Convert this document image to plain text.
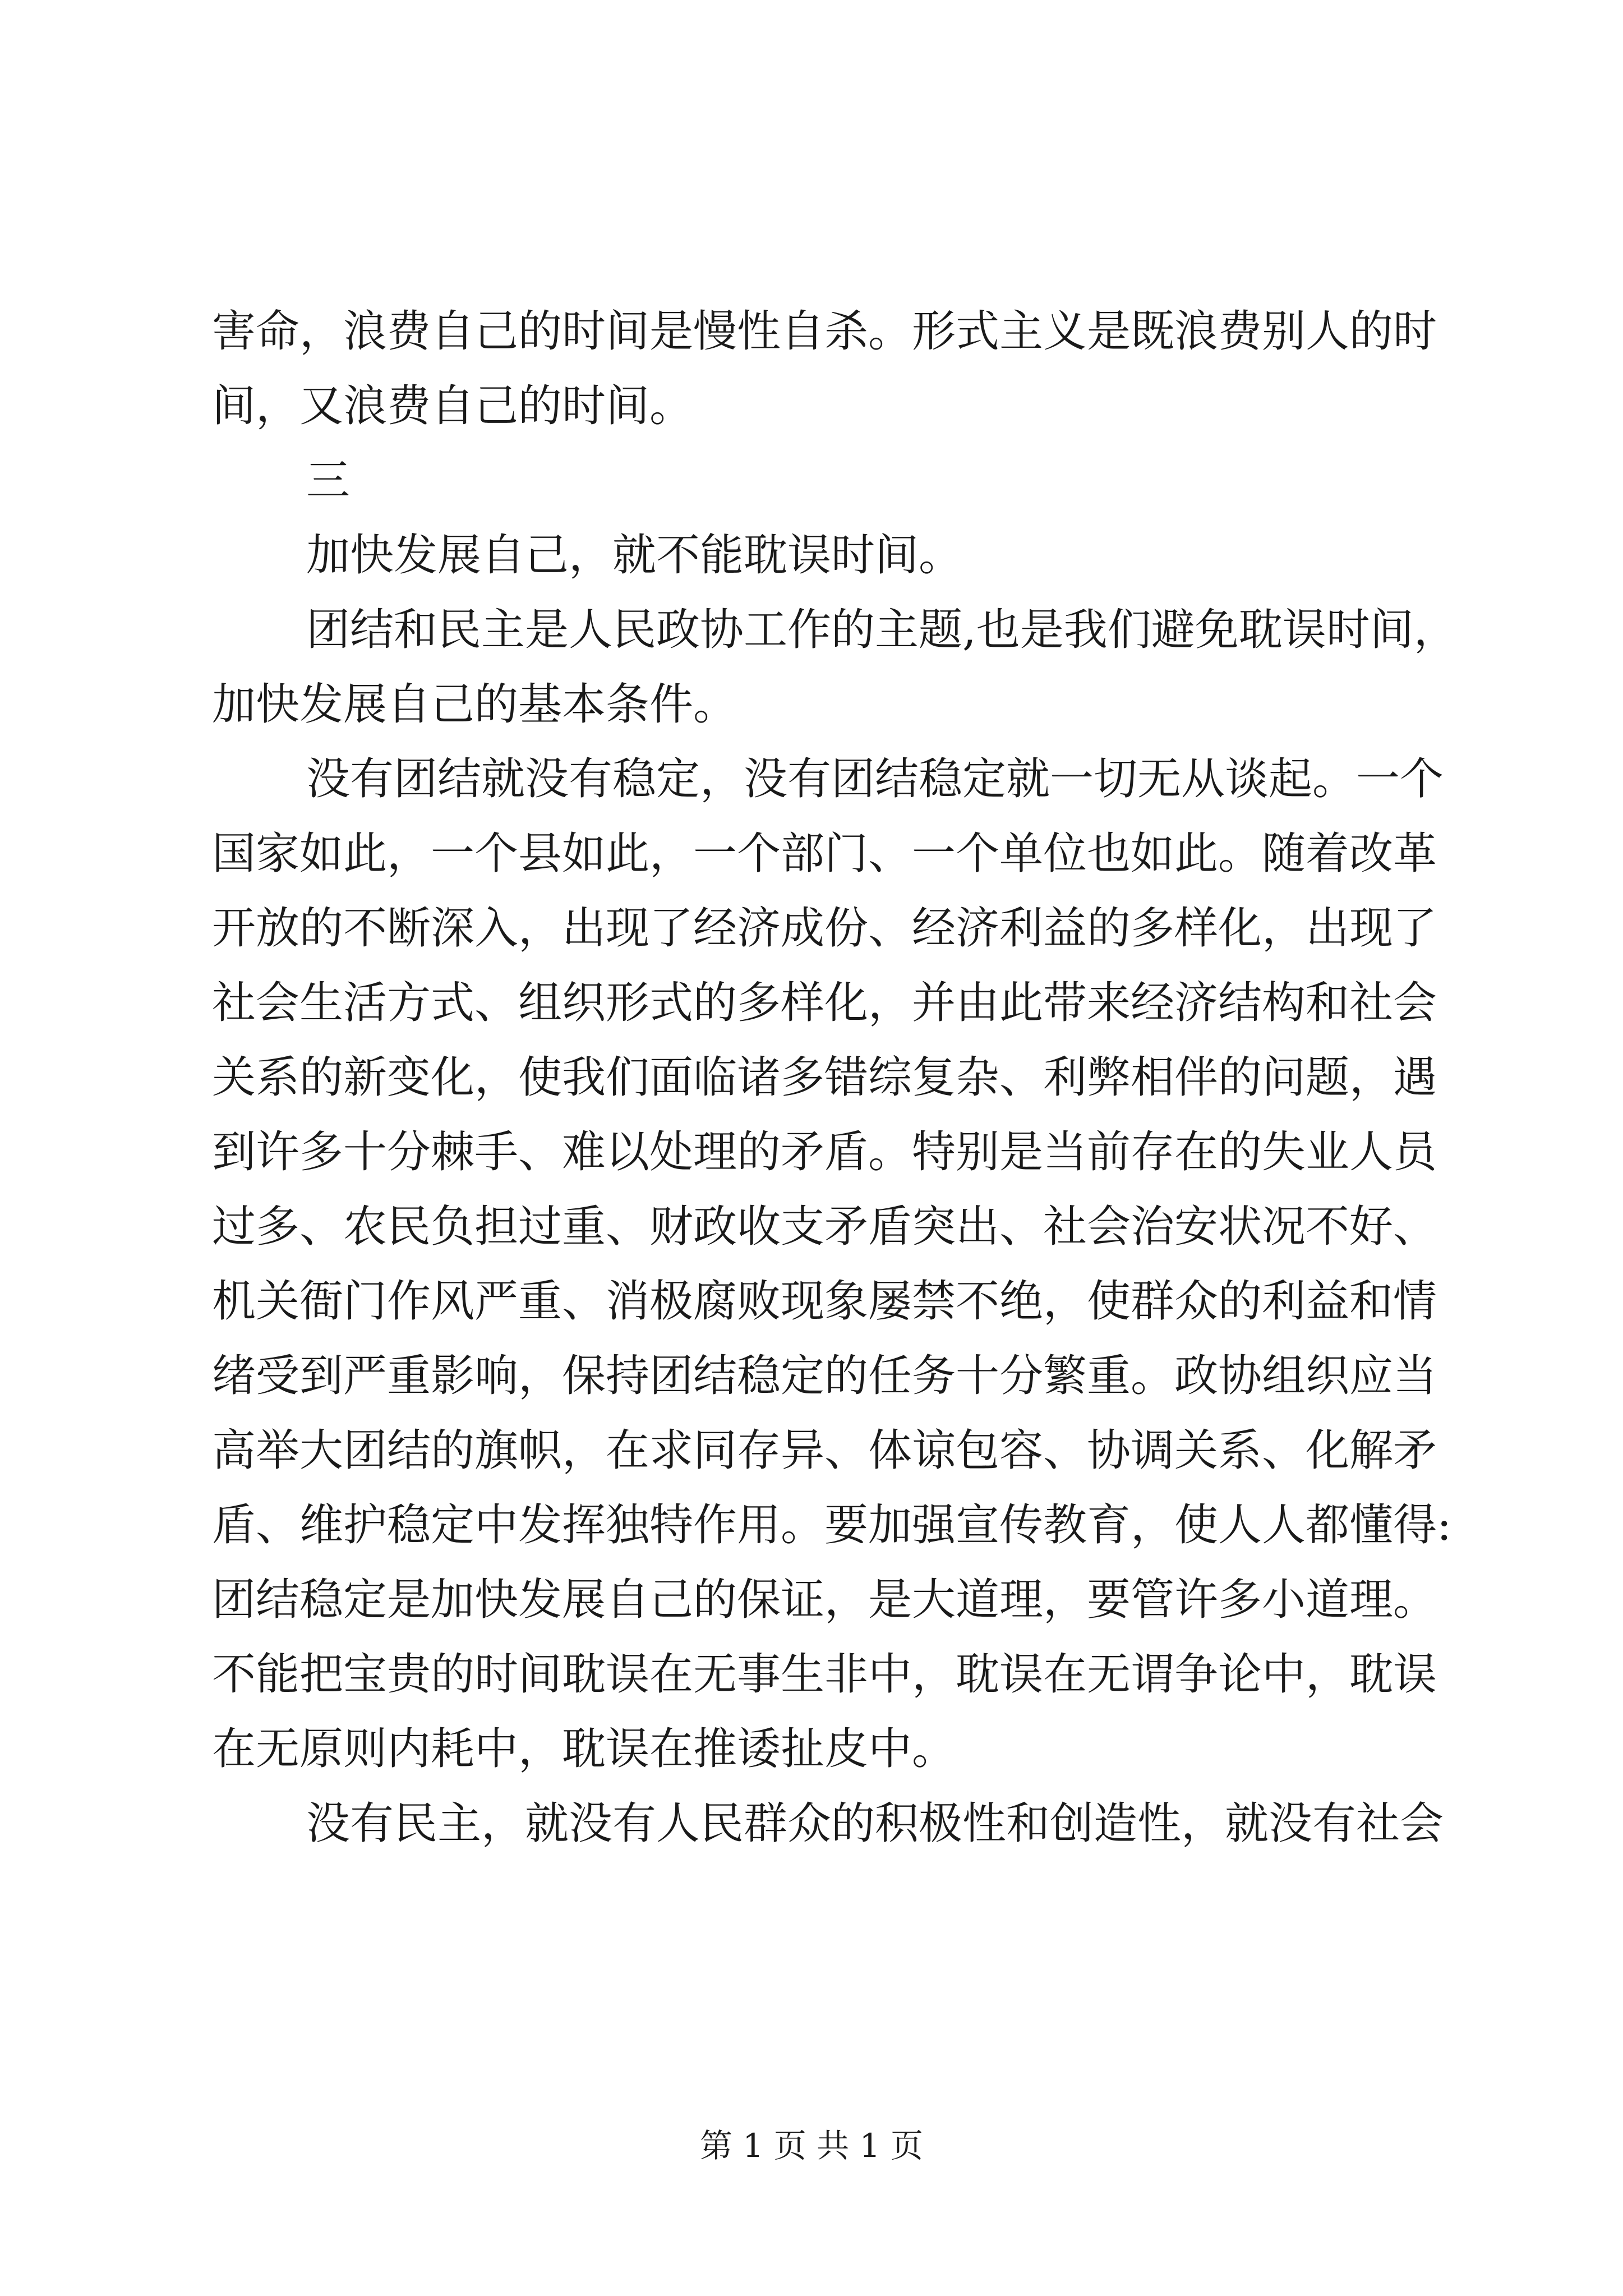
害命，浪费自己的时间是慢性自杀。形式主义是既浪费别人的时
间，又浪费自己的时间。
三
加快发展自己，就不能耽误时间。
团结和民主是人民政协工作的主题,也是我们避免耽误时间，
加快发展自己的基本条件。
没有团结就没有稳定，没有团结稳定就一切无从谈起。一个
国家如此，一个县如此，一个部门、一个单位也如此。随着改革
开放的不断深入，出现了经济成份、经济利益的多样化，出现了
社会生活方式、组织形式的多样化，并由此带来经济结构和社会
关系的新变化，使我们面临诸多错综复杂、利弊相伴的问题，遇
到许多十分棘手、难以处理的矛盾。特别是当前存在的失业人员
过多、农民负担过重、财政收支矛盾突出、社会治安状况不好、
机关衙门作风严重、消极腐败现象屡禁不绝，使群众的利益和情
绪受到严重影响，保持团结稳定的任务十分繁重。政协组织应当
高举大团结的旗帜，在求同存异、体谅包容、协调关系、化解矛
盾、维护稳定中发挥独特作用。要加强宣传教育，使人人都懂得:
团结稳定是加快发展自己的保证，是大道理，要管许多小道理。
不能把宝贵的时间耽误在无事生非中，耽误在无谓争论中，耽误
在无原则内耗中，耽误在推诿扯皮中。
没有民主，就没有人民群众的积极性和创造性，就没有社会
第 1 页 共 1 页
